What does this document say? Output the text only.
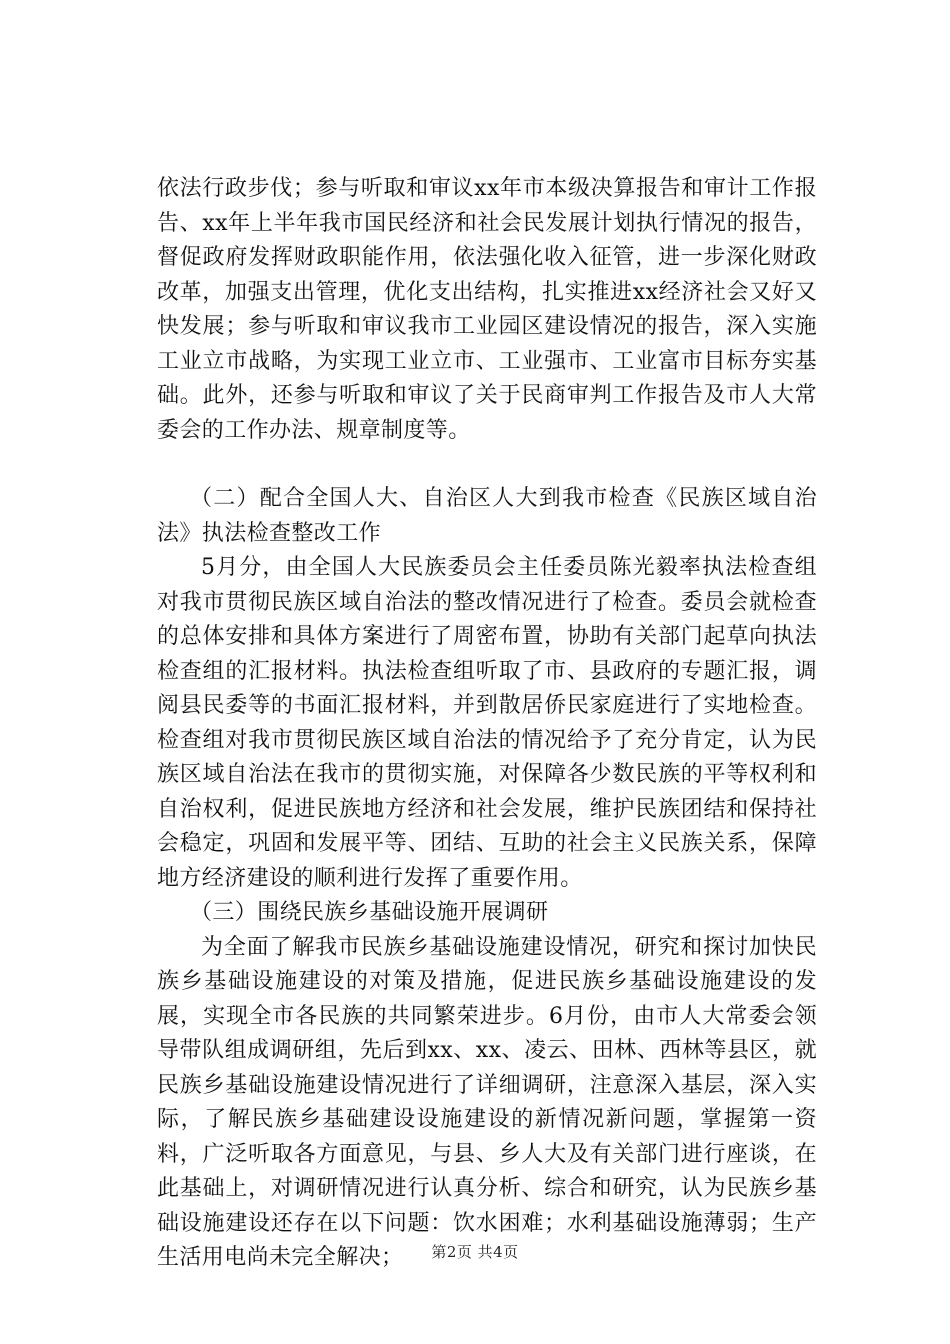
依法行政步伐；参与听取和审议xx年市本级决算报告和审计工作报告、xx年上半年我市国民经济和社会民发展计划执行情况的报告，督促政府发挥财政职能作用，依法强化收入征管，进一步深化财政改革，加强支出管理，优化支出结构，扎实推进xx经济社会又好又快发展；参与听取和审议我市工业园区建设情况的报告，深入实施工业立市战略，为实现工业立市、工业强市、工业富市目标夯实基础。此外，还参与听取和审议了关于民商审判工作报告及市人大常委会的工作办法、规章制度等。

（二）配合全国人大、自治区人大到我市检查《民族区域自治法》执法检查整改工作

5月分，由全国人大民族委员会主任委员陈光毅率执法检查组对我市贯彻民族区域自治法的整改情况进行了检查。委员会就检查的总体安排和具体方案进行了周密布置，协助有关部门起草向执法检查组的汇报材料。执法检查组听取了市、县政府的专题汇报，调阅县民委等的书面汇报材料，并到散居侨民家庭进行了实地检查。检查组对我市贯彻民族区域自治法的情况给予了充分肯定，认为民族区域自治法在我市的贯彻实施，对保障各少数民族的平等权利和自治权利，促进民族地方经济和社会发展，维护民族团结和保持社会稳定，巩固和发展平等、团结、互助的社会主义民族关系，保障地方经济建设的顺利进行发挥了重要作用。

（三）围绕民族乡基础设施开展调研

为全面了解我市民族乡基础设施建设情况，研究和探讨加快民族乡基础设施建设的对策及措施，促进民族乡基础设施建设的发展，实现全市各民族的共同繁荣进步。6月份，由市人大常委会领导带队组成调研组，先后到xx、xx、凌云、田林、西林等县区，就民族乡基础设施建设情况进行了详细调研，注意深入基层，深入实际，了解民族乡基础建设设施建设的新情况新问题，掌握第一资料，广泛听取各方面意见，与县、乡人大及有关部门进行座谈，在此基础上，对调研情况进行认真分析、综合和研究，认为民族乡基础设施建设还存在以下问题：饮水困难；水利基础设施薄弱；生产生活用电尚未完全解决；	第2页 共4页
